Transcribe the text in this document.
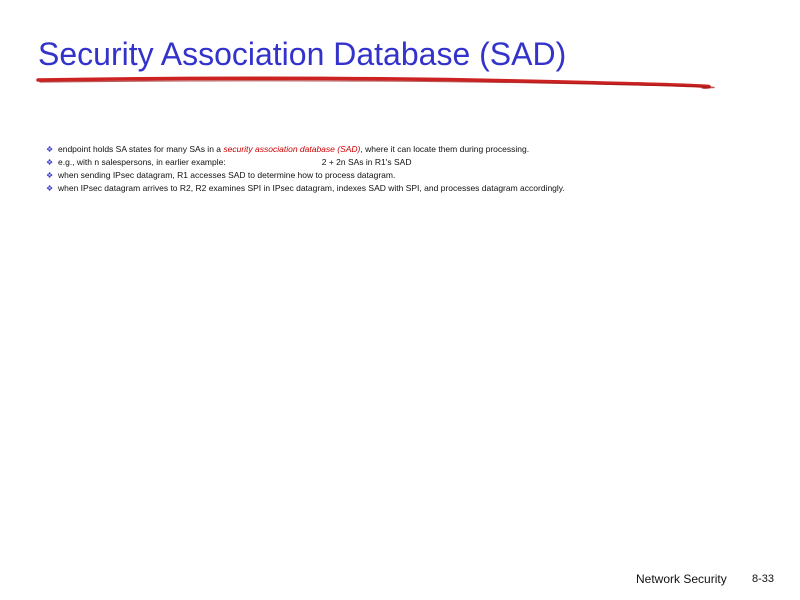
Security Association Database (SAD)
❖ endpoint holds SA states for many SAs in a security association database (SAD), where it can locate them during processing.
❖ e.g., with n salespersons, in earlier example:	2 + 2n SAs in R1's SAD
❖ when sending IPsec datagram, R1 accesses SAD to determine how to process datagram.
❖ when IPsec datagram arrives to R2, R2 examines SPI in IPsec datagram, indexes SAD with SPI, and processes datagram accordingly.
Network Security 8-33
